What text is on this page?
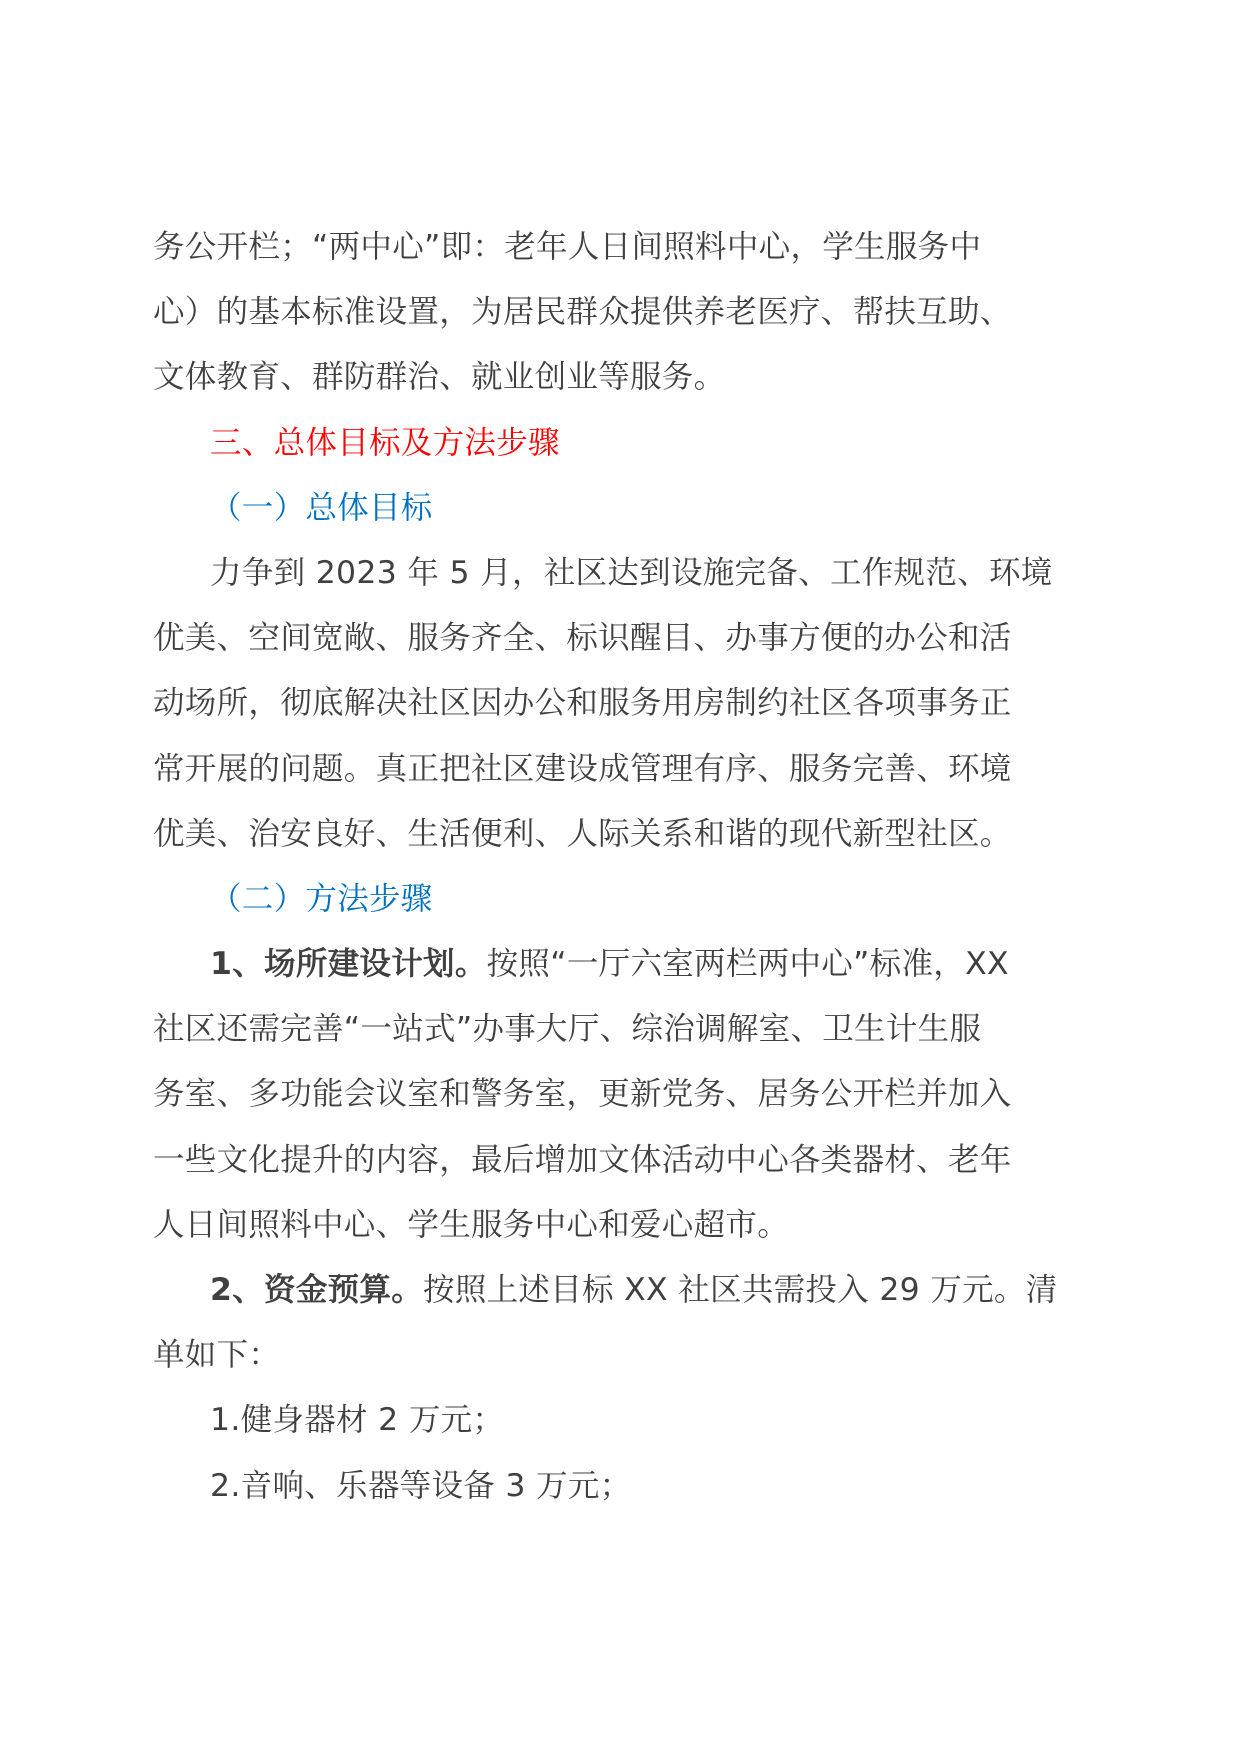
务公开栏；“两中心”即：老年人日间照料中心，学生服务中
心）的基本标准设置，为居民群众提供养老医疗、帮扶互助、
文体教育、群防群治、就业创业等服务。
三、总体目标及方法步骤
（一）总体目标
力争到 2023 年 5 月，社区达到设施完备、工作规范、环境
优美、空间宽敞、服务齐全、标识醒目、办事方便的办公和活
动场所，彻底解决社区因办公和服务用房制约社区各项事务正
常开展的问题。真正把社区建设成管理有序、服务完善、环境
优美、治安良好、生活便利、人际关系和谐的现代新型社区。
（二）方法步骤
1、场所建设计划。按照“一厅六室两栏两中心”标准，XX
社区还需完善“一站式”办事大厅、综治调解室、卫生计生服
务室、多功能会议室和警务室，更新党务、居务公开栏并加入
一些文化提升的内容，最后增加文体活动中心各类器材、老年
人日间照料中心、学生服务中心和爱心超市。
2、资金预算。按照上述目标 XX 社区共需投入 29 万元。清
单如下：
1.健身器材 2 万元；
2.音响、乐器等设备 3 万元；
